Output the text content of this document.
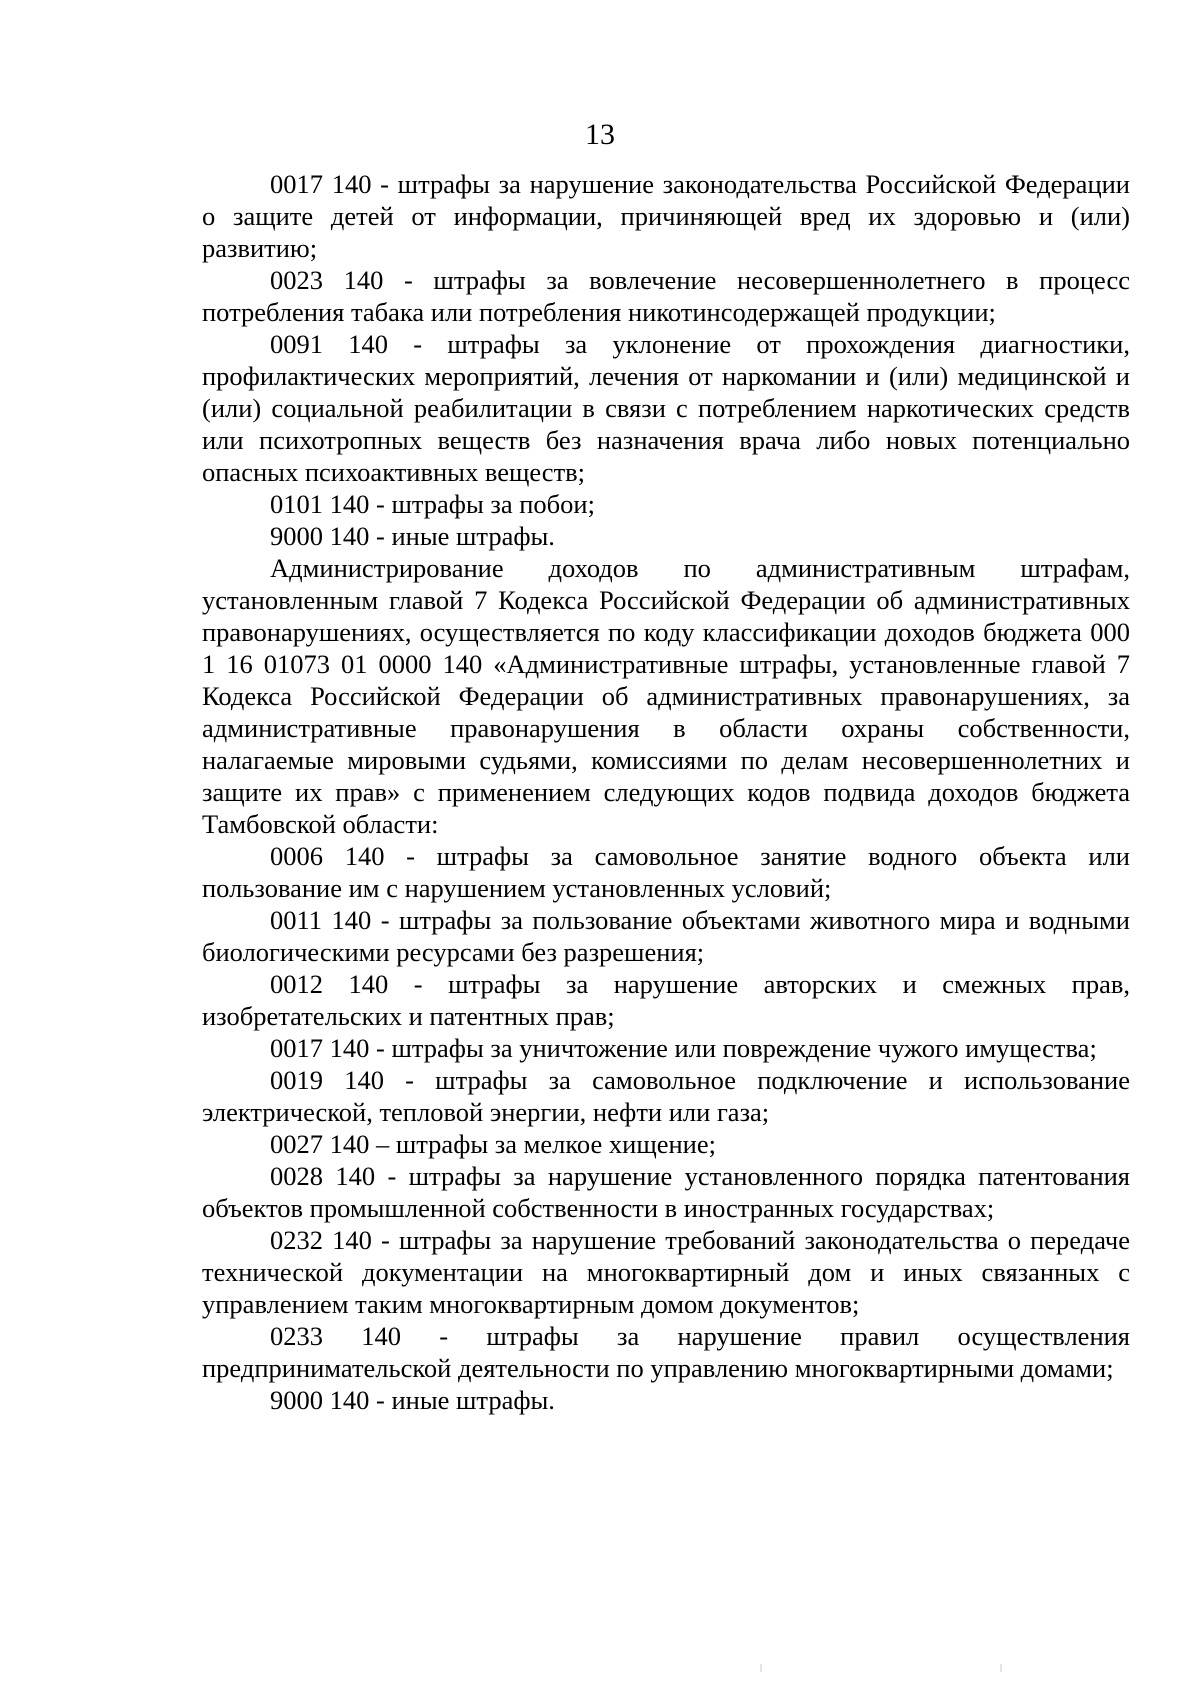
13

0017 140 - штрафы за нарушение законодательства Российской Федерации о защите детей от информации, причиняющей вред их здоровью и (или) развитию;

0023 140 - штрафы за вовлечение несовершеннолетнего в процесс потребления табака или потребления никотинсодержащей продукции;

0091 140 - штрафы за уклонение от прохождения диагностики, профилактических мероприятий, лечения от наркомании и (или) медицинской и (или) социальной реабилитации в связи с потреблением наркотических средств или психотропных веществ без назначения врача либо новых потенциально опасных психоактивных веществ;

0101 140 - штрафы за побои;

9000 140 - иные штрафы.

Администрирование доходов по административным штрафам, установленным главой 7 Кодекса Российской Федерации об административных правонарушениях, осуществляется по коду классификации доходов бюджета 000 1 16 01073 01 0000 140 «Административные штрафы, установленные главой 7 Кодекса Российской Федерации об административных правонарушениях, за административные правонарушения в области охраны собственности, налагаемые мировыми судьями, комиссиями по делам несовершеннолетних и защите их прав» с применением следующих кодов подвида доходов бюджета Тамбовской области:

0006 140 - штрафы за самовольное занятие водного объекта или пользование им с нарушением установленных условий;

0011 140 - штрафы за пользование объектами животного мира и водными биологическими ресурсами без разрешения;

0012 140 - штрафы за нарушение авторских и смежных прав, изобретательских и патентных прав;

0017 140 - штрафы за уничтожение или повреждение чужого имущества;

0019 140 - штрафы за самовольное подключение и использование электрической, тепловой энергии, нефти или газа;

0027 140 – штрафы за мелкое хищение;

0028 140 - штрафы за нарушение установленного порядка патентования объектов промышленной собственности в иностранных государствах;

0232 140 - штрафы за нарушение требований законодательства о передаче технической документации на многоквартирный дом и иных связанных с управлением таким многоквартирным домом документов;

0233 140 - штрафы за нарушение правил осуществления предпринимательской деятельности по управлению многоквартирными домами;

9000 140 - иные штрафы.
